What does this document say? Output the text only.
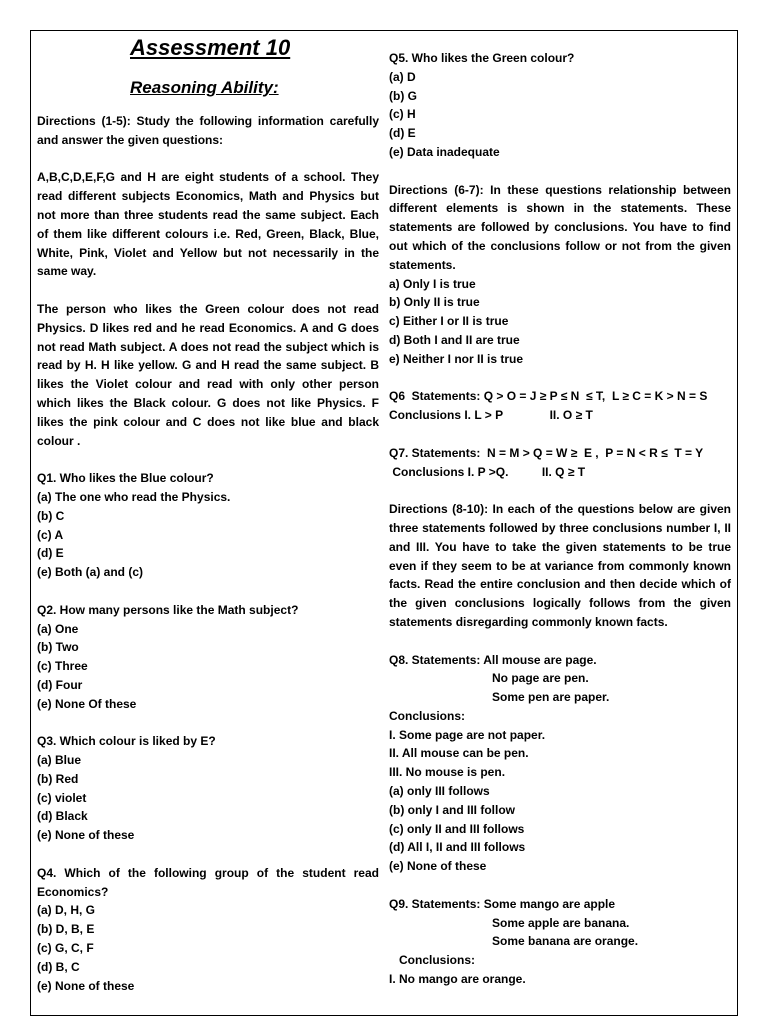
Assessment 10
Reasoning Ability:

Directions (1-5): Study the following information carefully and answer the given questions:

A,B,C,D,E,F,G and H are eight students of a school. They read different subjects Economics, Math and Physics but not more than three students read the same subject. Each of them like different colours i.e. Red, Green, Black, Blue, White, Pink, Violet and Yellow but not necessarily in the same way.

The person who likes the Green colour does not read Physics. D likes red and he read Economics. A and G does not read Math subject. A does not read the subject which is read by H. H like yellow. G and H read the same subject. B likes the Violet colour and read with only other person which likes the Black colour. G does not like Physics. F likes the pink colour and C does not like blue and black colour .

Q1. Who likes the Blue colour?

(a) The one who read the Physics.

(b) C

(c) A

(d) E

(e) Both (a) and (c)

Q2. How many persons like the Math subject?

(a) One

(b) Two

(c) Three

(d) Four

(e) None Of these

Q3. Which colour is liked by E?

(a) Blue

(b) Red

(c) violet

(d) Black

(e) None of these

Q4. Which of the following group of the student read Economics?

(a) D, H, G

(b) D, B, E

(c) G, C, F

(d) B, C

(e) None of these

Q5. Who likes the Green colour?

(a) D

(b) G

(c) H

(d) E

(e) Data inadequate

Directions (6-7): In these questions relationship between different elements is shown in the statements. These statements are followed by conclusions. You have to find out which of the conclusions follow or not from the given statements.

a) Only I is true

b) Only II is true

c) Either I or II is true

d) Both I and II are true

e) Neither I nor II is true

Q6  Statements: Q > O = J ≥ P ≤ N  ≤ T,  L ≥ C = K > N = S

Conclusions I. L > P              II. O ≥ T

Q7. Statements:  N = M > Q = W ≥  E ,  P = N < R ≤  T = Y

Conclusions I. P >Q.          II. Q ≥ T

Directions (8-10): In each of the questions below are given three statements followed by three conclusions number I, II and III. You have to take the given statements to be true even if they seem to be at variance from commonly known facts. Read the entire conclusion and then decide which of the given conclusions logically follows from the given statements disregarding commonly known facts.

Q8. Statements: All mouse are page.

No page are pen.

Some pen are paper.

Conclusions:

I. Some page are not paper.

II. All mouse can be pen.

III. No mouse is pen.

(a) only III follows

(b) only I and III follow

(c) only II and III follows

(d) All I, II and III follows

(e) None of these

Q9. Statements: Some mango are apple

Some apple are banana.

Some banana are orange.

Conclusions:

I. No mango are orange.
